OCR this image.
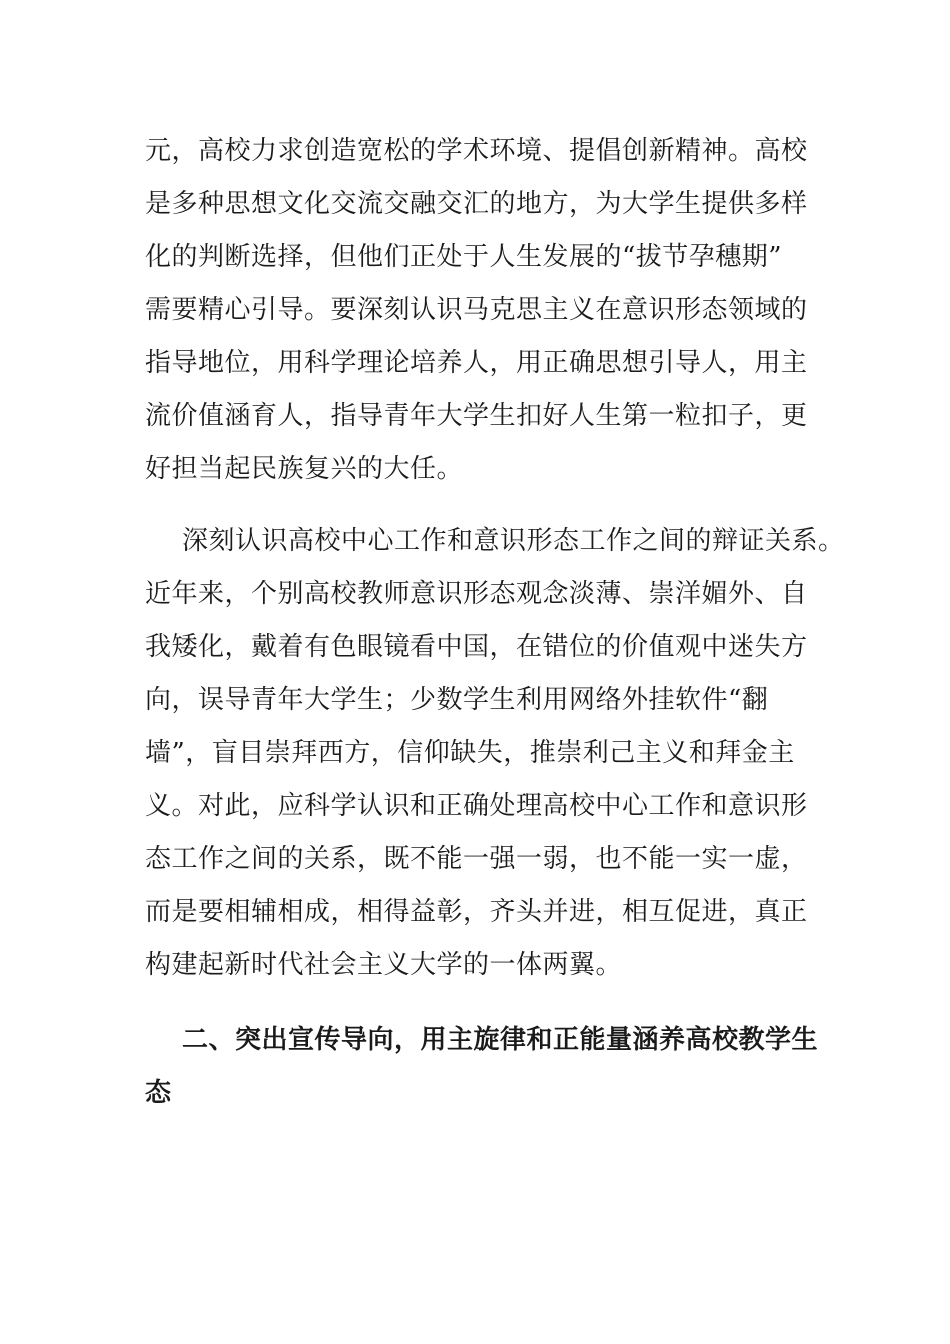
元，高校力求创造宽松的学术环境、提倡创新精神。高校
是多种思想文化交流交融交汇的地方，为大学生提供多样
化的判断选择，但他们正处于人生发展的“拔节孕穗期”
需要精心引导。要深刻认识马克思主义在意识形态领域的
指导地位，用科学理论培养人，用正确思想引导人，用主
流价值涵育人，指导青年大学生扣好人生第一粒扣子，更
好担当起民族复兴的大任。
深刻认识高校中心工作和意识形态工作之间的辩证关系。
近年来，个别高校教师意识形态观念淡薄、崇洋媚外、自
我矮化，戴着有色眼镜看中国，在错位的价值观中迷失方
向，误导青年大学生；少数学生利用网络外挂软件“翻
墙”，盲目崇拜西方，信仰缺失，推崇利己主义和拜金主
义。对此，应科学认识和正确处理高校中心工作和意识形
态工作之间的关系，既不能一强一弱，也不能一实一虚，
而是要相辅相成，相得益彰，齐头并进，相互促进，真正
构建起新时代社会主义大学的一体两翼。
二、突出宣传导向，用主旋律和正能量涵养高校教学生
态
